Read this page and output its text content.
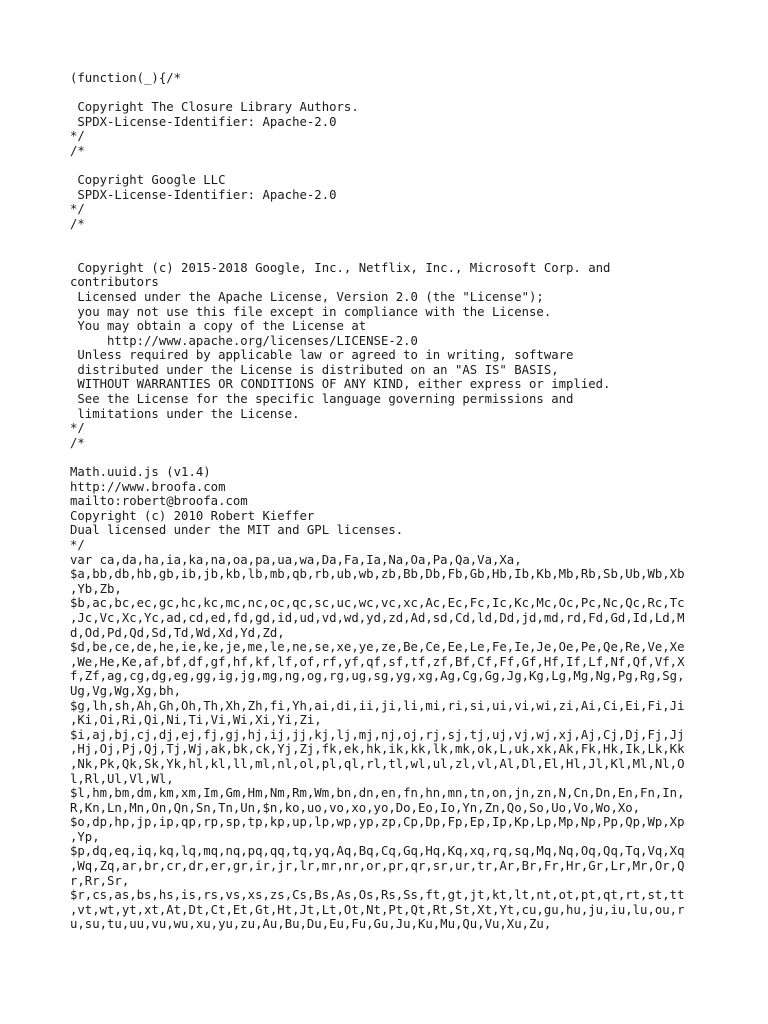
(function(_){/*
Copyright The Closure Library Authors.
SPDX-License-Identifier: Apache-2.0
*/
/*
Copyright Google LLC
SPDX-License-Identifier: Apache-2.0
*/
/*
Copyright (c) 2015-2018 Google, Inc., Netflix, Inc., Microsoft Corp. and
contributors
Licensed under the Apache License, Version 2.0 (the "License");
you may not use this file except in compliance with the License.
You may obtain a copy of the License at
http://www.apache.org/licenses/LICENSE-2.0
Unless required by applicable law or agreed to in writing, software
distributed under the License is distributed on an "AS IS" BASIS,
WITHOUT WARRANTIES OR CONDITIONS OF ANY KIND, either express or implied.
See the License for the specific language governing permissions and
limitations under the License.
*/
/*
Math.uuid.js (v1.4)
http://www.broofa.com
mailto:robert@broofa.com
Copyright (c) 2010 Robert Kieffer
Dual licensed under the MIT and GPL licenses.
*/
var ca,da,ha,ia,ka,na,oa,pa,ua,wa,Da,Fa,Ia,Na,Oa,Pa,Qa,Va,Xa,
$a,bb,db,hb,gb,ib,jb,kb,lb,mb,qb,rb,ub,wb,zb,Bb,Db,Fb,Gb,Hb,Ib,Kb,Mb,Rb,Sb,Ub,Wb,Xb
,Yb,Zb,
$b,ac,bc,ec,gc,hc,kc,mc,nc,oc,qc,sc,uc,wc,vc,xc,Ac,Ec,Fc,Ic,Kc,Mc,Oc,Pc,Nc,Qc,Rc,Tc
,Jc,Vc,Xc,Yc,ad,cd,ed,fd,gd,id,ud,vd,wd,yd,zd,Ad,sd,Cd,ld,Dd,jd,md,rd,Fd,Gd,Id,Ld,M
d,Od,Pd,Qd,Sd,Td,Wd,Xd,Yd,Zd,
$d,be,ce,de,he,ie,ke,je,me,le,ne,se,xe,ye,ze,Be,Ce,Ee,Le,Fe,Ie,Je,Oe,Pe,Qe,Re,Ve,Xe
,We,He,Ke,af,bf,df,gf,hf,kf,lf,of,rf,yf,qf,sf,tf,zf,Bf,Cf,Ff,Gf,Hf,If,Lf,Nf,Qf,Vf,X
f,Zf,ag,cg,dg,eg,gg,ig,jg,mg,ng,og,rg,ug,sg,yg,xg,Ag,Cg,Gg,Jg,Kg,Lg,Mg,Ng,Pg,Rg,Sg,
Ug,Vg,Wg,Xg,bh,
$g,lh,sh,Ah,Gh,Oh,Th,Xh,Zh,fi,Yh,ai,di,ii,ji,li,mi,ri,si,ui,vi,wi,zi,Ai,Ci,Ei,Fi,Ji
,Ki,Oi,Ri,Qi,Ni,Ti,Vi,Wi,Xi,Yi,Zi,
$i,aj,bj,cj,dj,ej,fj,gj,hj,ij,jj,kj,lj,mj,nj,oj,rj,sj,tj,uj,vj,wj,xj,Aj,Cj,Dj,Fj,Jj
,Hj,Oj,Pj,Qj,Tj,Wj,ak,bk,ck,Yj,Zj,fk,ek,hk,ik,kk,lk,mk,ok,L,uk,xk,Ak,Fk,Hk,Ik,Lk,Kk
,Nk,Pk,Qk,Sk,Yk,hl,kl,ll,ml,nl,ol,pl,ql,rl,tl,wl,ul,zl,vl,Al,Dl,El,Hl,Jl,Kl,Ml,Nl,O
l,Rl,Ul,Vl,Wl,
$l,hm,bm,dm,km,xm,Im,Gm,Hm,Nm,Rm,Wm,bn,dn,en,fn,hn,mn,tn,on,jn,zn,N,Cn,Dn,En,Fn,In,
R,Kn,Ln,Mn,On,Qn,Sn,Tn,Un,$n,ko,uo,vo,xo,yo,Do,Eo,Io,Yn,Zn,Qo,So,Uo,Vo,Wo,Xo,
$o,dp,hp,jp,ip,qp,rp,sp,tp,kp,up,lp,wp,yp,zp,Cp,Dp,Fp,Ep,Ip,Kp,Lp,Mp,Np,Pp,Qp,Wp,Xp
,Yp,
$p,dq,eq,iq,kq,lq,mq,nq,pq,qq,tq,yq,Aq,Bq,Cq,Gq,Hq,Kq,xq,rq,sq,Mq,Nq,Oq,Qq,Tq,Vq,Xq
,Wq,Zq,ar,br,cr,dr,er,gr,ir,jr,lr,mr,nr,or,pr,qr,sr,ur,tr,Ar,Br,Fr,Hr,Gr,Lr,Mr,Or,Q
r,Rr,Sr,
$r,cs,as,bs,hs,is,rs,vs,xs,zs,Cs,Bs,As,Os,Rs,Ss,ft,gt,jt,kt,lt,nt,ot,pt,qt,rt,st,tt
,vt,wt,yt,xt,At,Dt,Ct,Et,Gt,Ht,Jt,Lt,Ot,Nt,Pt,Qt,Rt,St,Xt,Yt,cu,gu,hu,ju,iu,lu,ou,r
u,su,tu,uu,vu,wu,xu,yu,zu,Au,Bu,Du,Eu,Fu,Gu,Ju,Ku,Mu,Qu,Vu,Xu,Zu,
